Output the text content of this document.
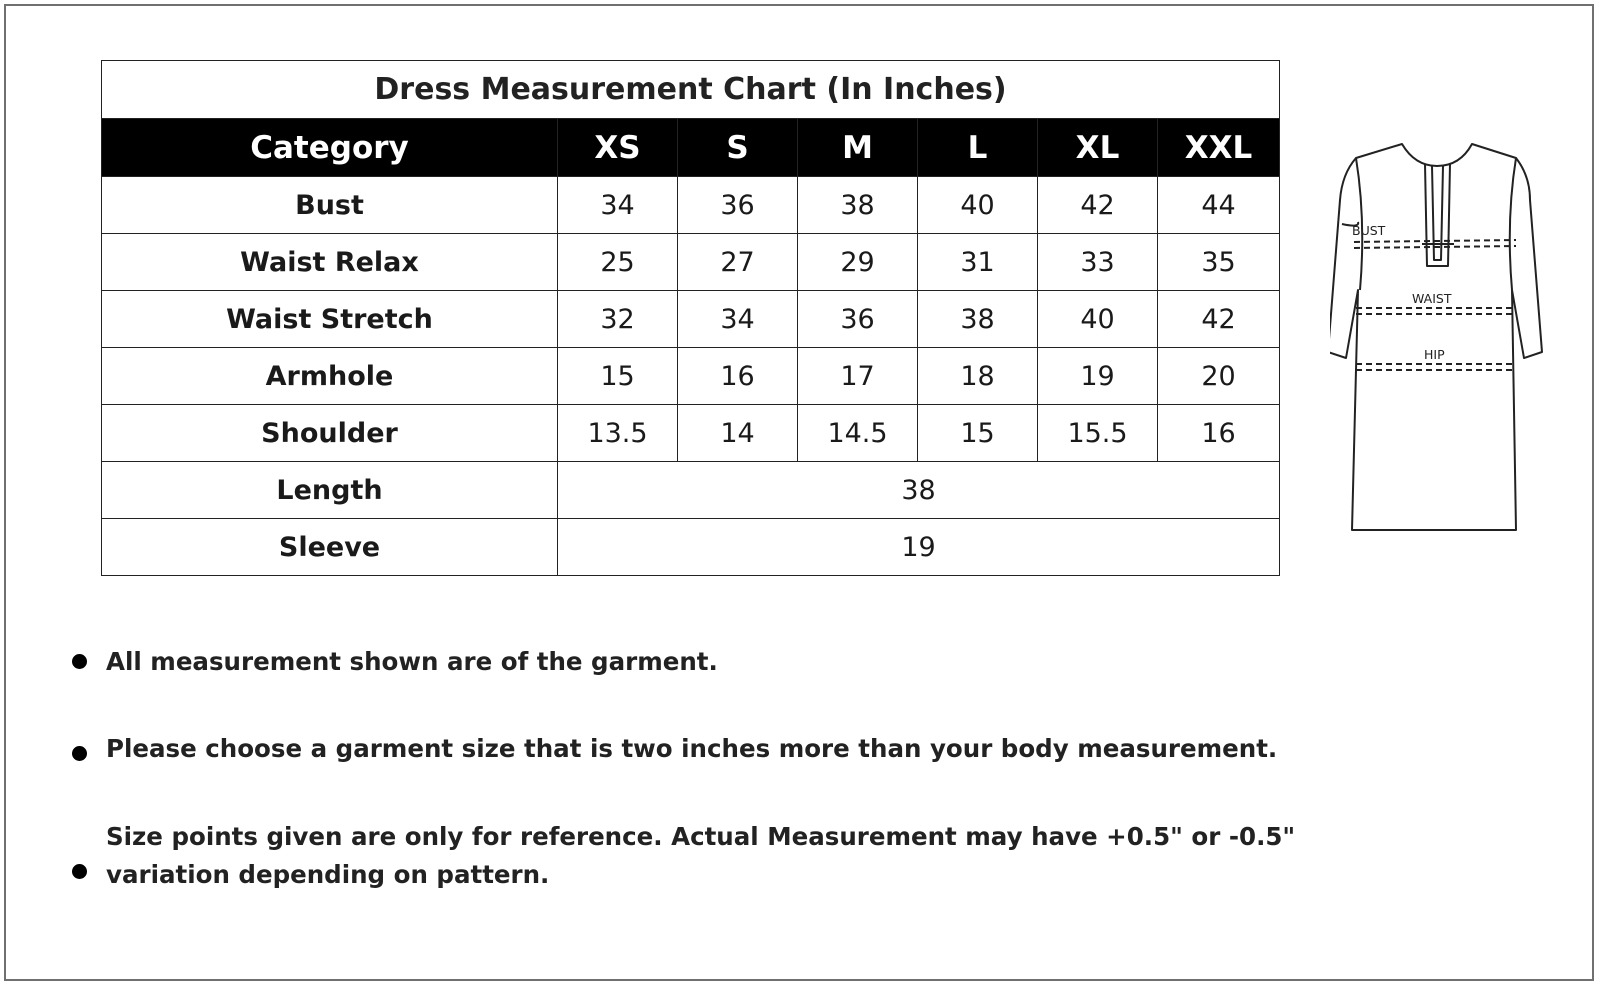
Dress Measurement Chart (In Inches)						
Category	XS	S	M	L	XL	XXL
Bust	34	36	38	40	42	44
Waist Relax	25	27	29	31	33	35
Waist Stretch	32	34	36	38	40	42
Armhole	15	16	17	18	19	20
Shoulder	13.5	14	14.5	15	15.5	16
Length	38					
Sleeve	19					
BUST
WAIST
HIP
All measurement shown are of the garment.
Please choose a garment size that is two inches more than your body measurement.
Size points given are only for reference. Actual Measurement may have +0.5" or -0.5"
variation depending on pattern.
